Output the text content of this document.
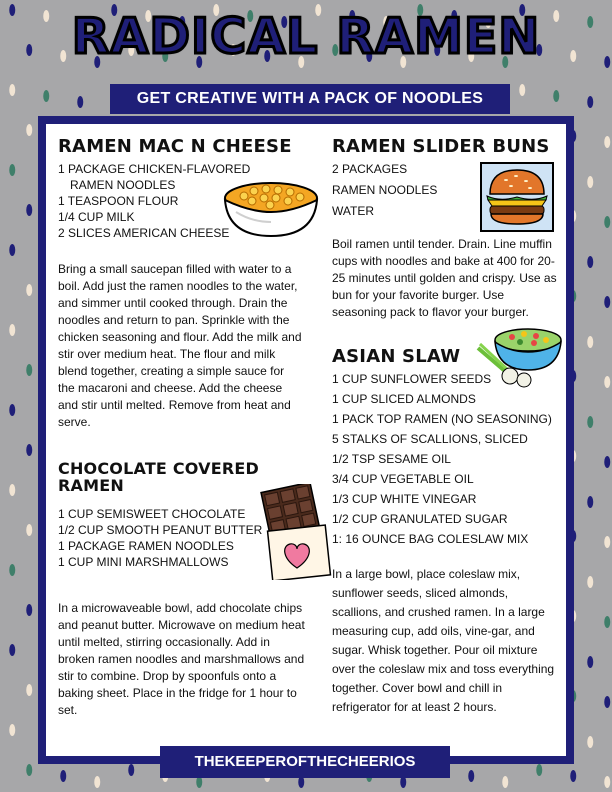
RADICAL RAMEN
GET CREATIVE WITH A PACK OF NOODLES
RAMEN MAC N CHEESE
1 PACKAGE CHICKEN-FLAVORED
RAMEN NOODLES
1 TEASPOON FLOUR
1/4 CUP MILK
2 SLICES AMERICAN CHEESE

Bring a small saucepan filled with water to a boil. Add just the ramen noodles to the water, and simmer until cooked through. Drain the noodles and return to pan. Sprinkle with the chicken seasoning and flour. Add the milk and stir over medium heat. The flour and milk blend together, creating a simple sauce for the macaroni and cheese. Add the cheese and stir until melted. Remove from heat and serve.

CHOCOLATE COVERED RAMEN
1 CUP SEMISWEET CHOCOLATE
1/2 CUP SMOOTH PEANUT BUTTER
1 PACKAGE RAMEN NOODLES
1 CUP MINI MARSHMALLOWS

In a microwaveable bowl, add chocolate chips and peanut butter. Microwave on medium heat until melted, stirring occasionally. Add in broken ramen noodles and marshmallows and stir to combine. Drop by spoonfuls onto a baking sheet. Place in the fridge for 1 hour to set.

RAMEN SLIDER BUNS
2 PACKAGES
RAMEN NOODLES
WATER

Boil ramen until tender. Drain. Line muffin cups with noodles and bake at 400 for 20-25 minutes until golden and crispy. Use as bun for your favorite burger. Use seasoning pack to flavor your burger.

ASIAN SLAW
1 CUP SUNFLOWER SEEDS
1 CUP SLICED ALMONDS
1 PACK TOP RAMEN (NO SEASONING)
5 STALKS OF SCALLIONS, SLICED
1/2 TSP SESAME OIL
3/4 CUP VEGETABLE OIL
1/3 CUP WHITE VINEGAR
1/2 CUP GRANULATED SUGAR
1: 16 OUNCE BAG COLESLAW MIX

In a large bowl, place coleslaw mix, sunflower seeds, sliced almonds, scallions, and crushed ramen. In a large measuring cup, add oils, vine-gar, and sugar. Whisk together. Pour oil mixture over the coleslaw mix and toss everything together. Cover bowl and chill in refrigerator for at least 2 hours.

THEKEEPEROFTHECHEERIOS
